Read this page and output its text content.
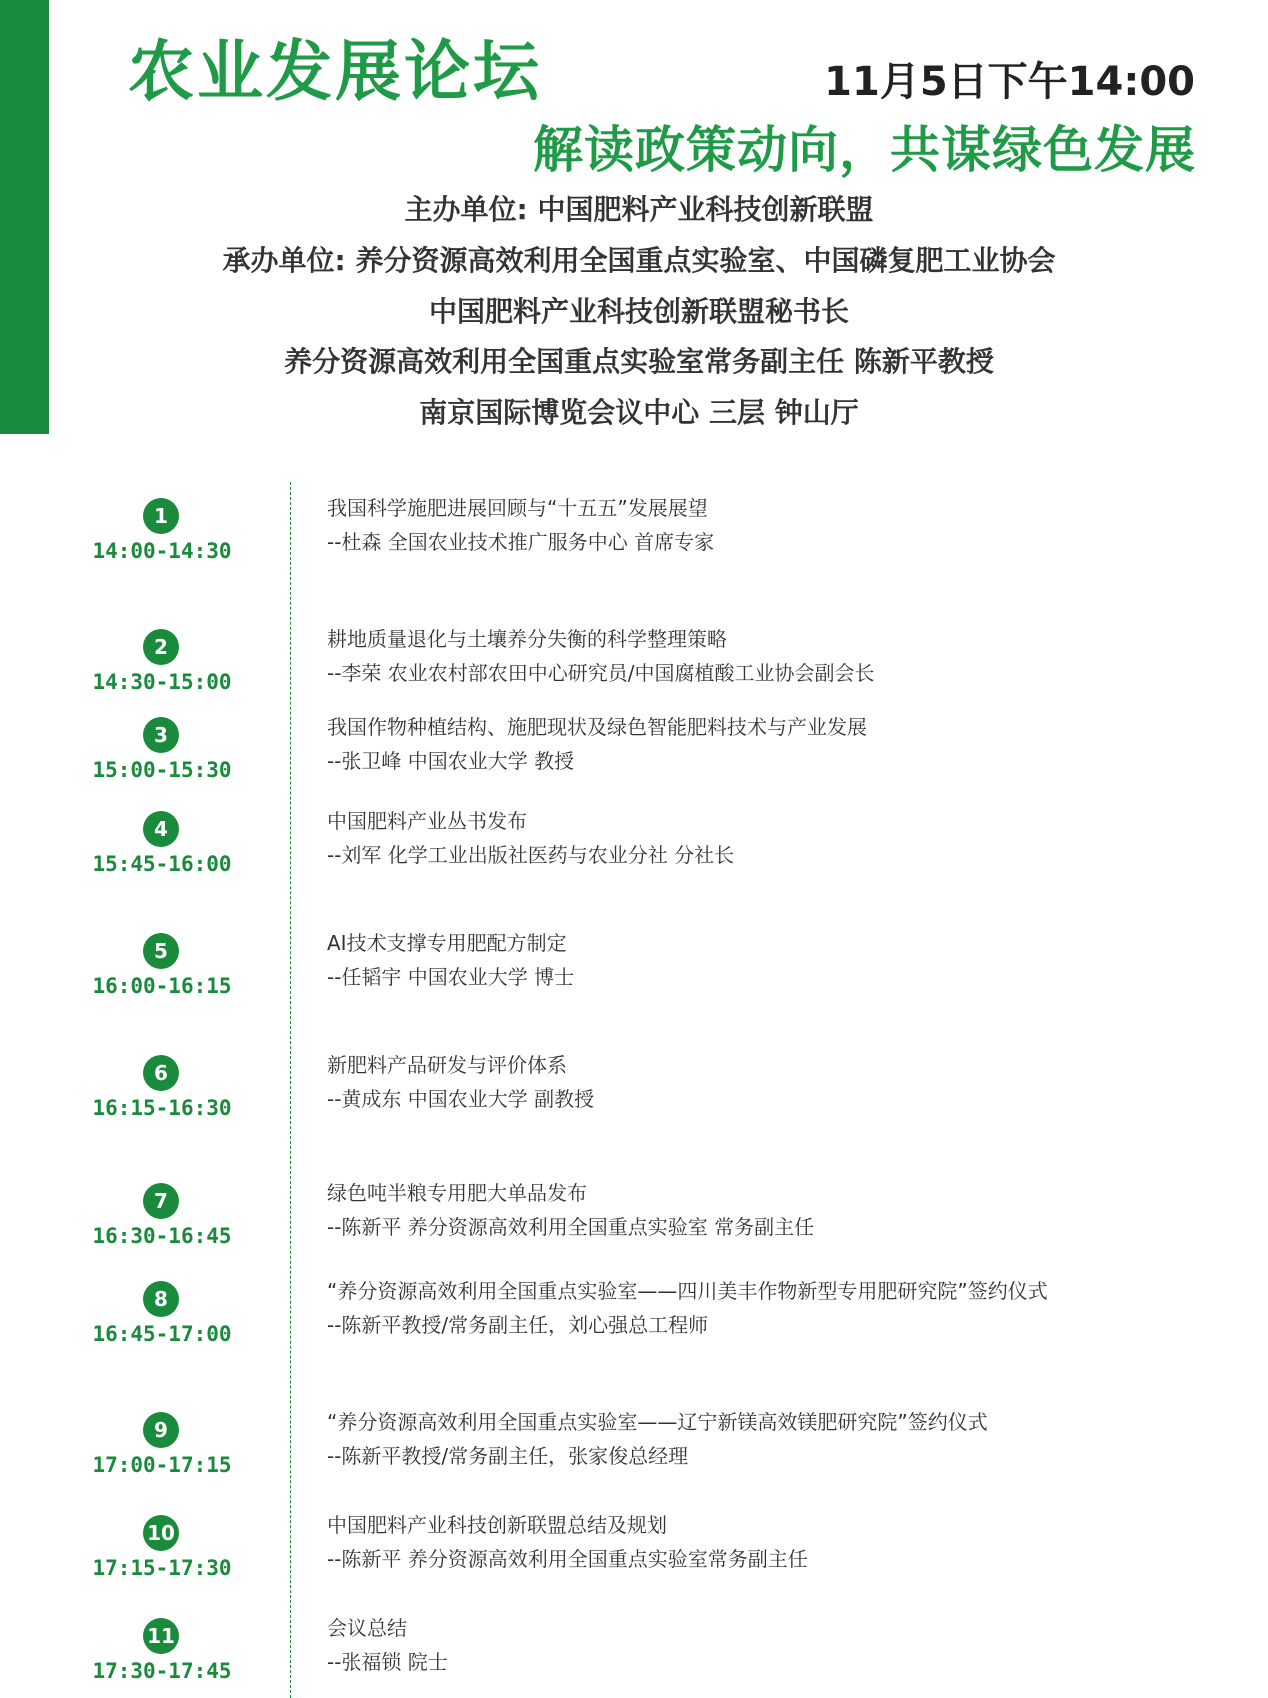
农业发展论坛	11月5日下午14:00
解读政策动向，共谋绿色发展
主办单位: 中国肥料产业科技创新联盟
承办单位: 养分资源高效利用全国重点实验室、中国磷复肥工业协会
中国肥料产业科技创新联盟秘书长
养分资源高效利用全国重点实验室常务副主任 陈新平教授
南京国际博览会议中心 三层 钟山厅
1
14:00-14:30
我国科学施肥进展回顾与“十五五”发展展望
--杜森 全国农业技术推广服务中心 首席专家
2
14:30-15:00
耕地质量退化与土壤养分失衡的科学整理策略
--李荣 农业农村部农田中心研究员/中国腐植酸工业协会副会长
3
15:00-15:30
我国作物种植结构、施肥现状及绿色智能肥料技术与产业发展
--张卫峰 中国农业大学 教授
4
15:45-16:00
中国肥料产业丛书发布
--刘军 化学工业出版社医药与农业分社 分社长
5
16:00-16:15
AI技术支撑专用肥配方制定
--任韬宇 中国农业大学 博士
6
16:15-16:30
新肥料产品研发与评价体系
--黄成东 中国农业大学 副教授
7
16:30-16:45
绿色吨半粮专用肥大单品发布
--陈新平 养分资源高效利用全国重点实验室 常务副主任
8
16:45-17:00
“养分资源高效利用全国重点实验室——四川美丰作物新型专用肥研究院”签约仪式
--陈新平教授/常务副主任，刘心强总工程师
9
17:00-17:15
“养分资源高效利用全国重点实验室——辽宁新镁高效镁肥研究院”签约仪式
--陈新平教授/常务副主任，张家俊总经理
10
17:15-17:30
中国肥料产业科技创新联盟总结及规划
--陈新平 养分资源高效利用全国重点实验室常务副主任
11
17:30-17:45
会议总结
--张福锁 院士
